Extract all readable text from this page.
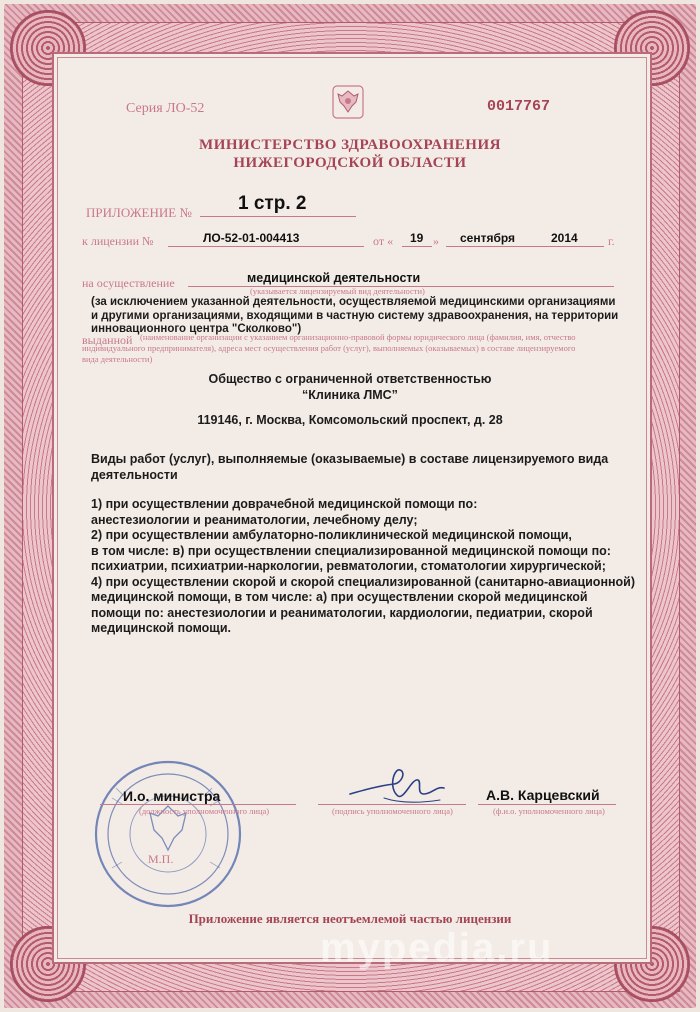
Серия ЛО-52	0017767
МИНИСТЕРСТВО ЗДРАВООХРАНЕНИЯ
НИЖЕГОРОДСКОЙ ОБЛАСТИ
ПРИЛОЖЕНИЕ № 1 стр. 2
к лицензии №	ЛО-52-01-004413	от « 19 » сентября	2014	г.
на осуществление	медицинской деятельности
(указывается лицензируемый вид деятельности)
(за исключением указанной деятельности, осуществляемой медицинскими организациями
и другими организациями, входящими в частную систему здравоохранения, на территории
инновационного центра "Сколково")
выданной (наименование организации с указанием организационно-правовой формы юридического лица (фамилия, имя, отчество
индивидуального предпринимателя), адреса мест осуществления работ (услуг), выполняемых (оказываемых) в составе лицензируемого
вида деятельности)
Общество с ограниченной ответственностью
“Клиника ЛМС”
119146, г. Москва, Комсомольский проспект, д. 28
Виды работ (услуг), выполняемые (оказываемые) в составе лицензируемого вида
деятельности
1) при осуществлении доврачебной медицинской помощи по:
анестезиологии и реаниматологии, лечебному делу;
2) при осуществлении амбулаторно-поликлинической медицинской помощи,
в том числе: в) при осуществлении специализированной медицинской помощи по:
психиатрии, психиатрии-наркологии, ревматологии, стоматологии хирургической;
4) при осуществлении скорой и скорой специализированной (санитарно-авиационной)
медицинской помощи, в том числе: а) при осуществлении скорой медицинской
помощи по: анестезиологии и реаниматологии, кардиологии, педиатрии, скорой
медицинской помощи.
И.о. министра
(должность уполномоченного лица)	(подпись уполномоченного лица)
А.В. Карцевский
(ф.и.о. уполномоченного лица)
М.П.
Приложение является неотъемлемой частью лицензии
mypedia.ru
